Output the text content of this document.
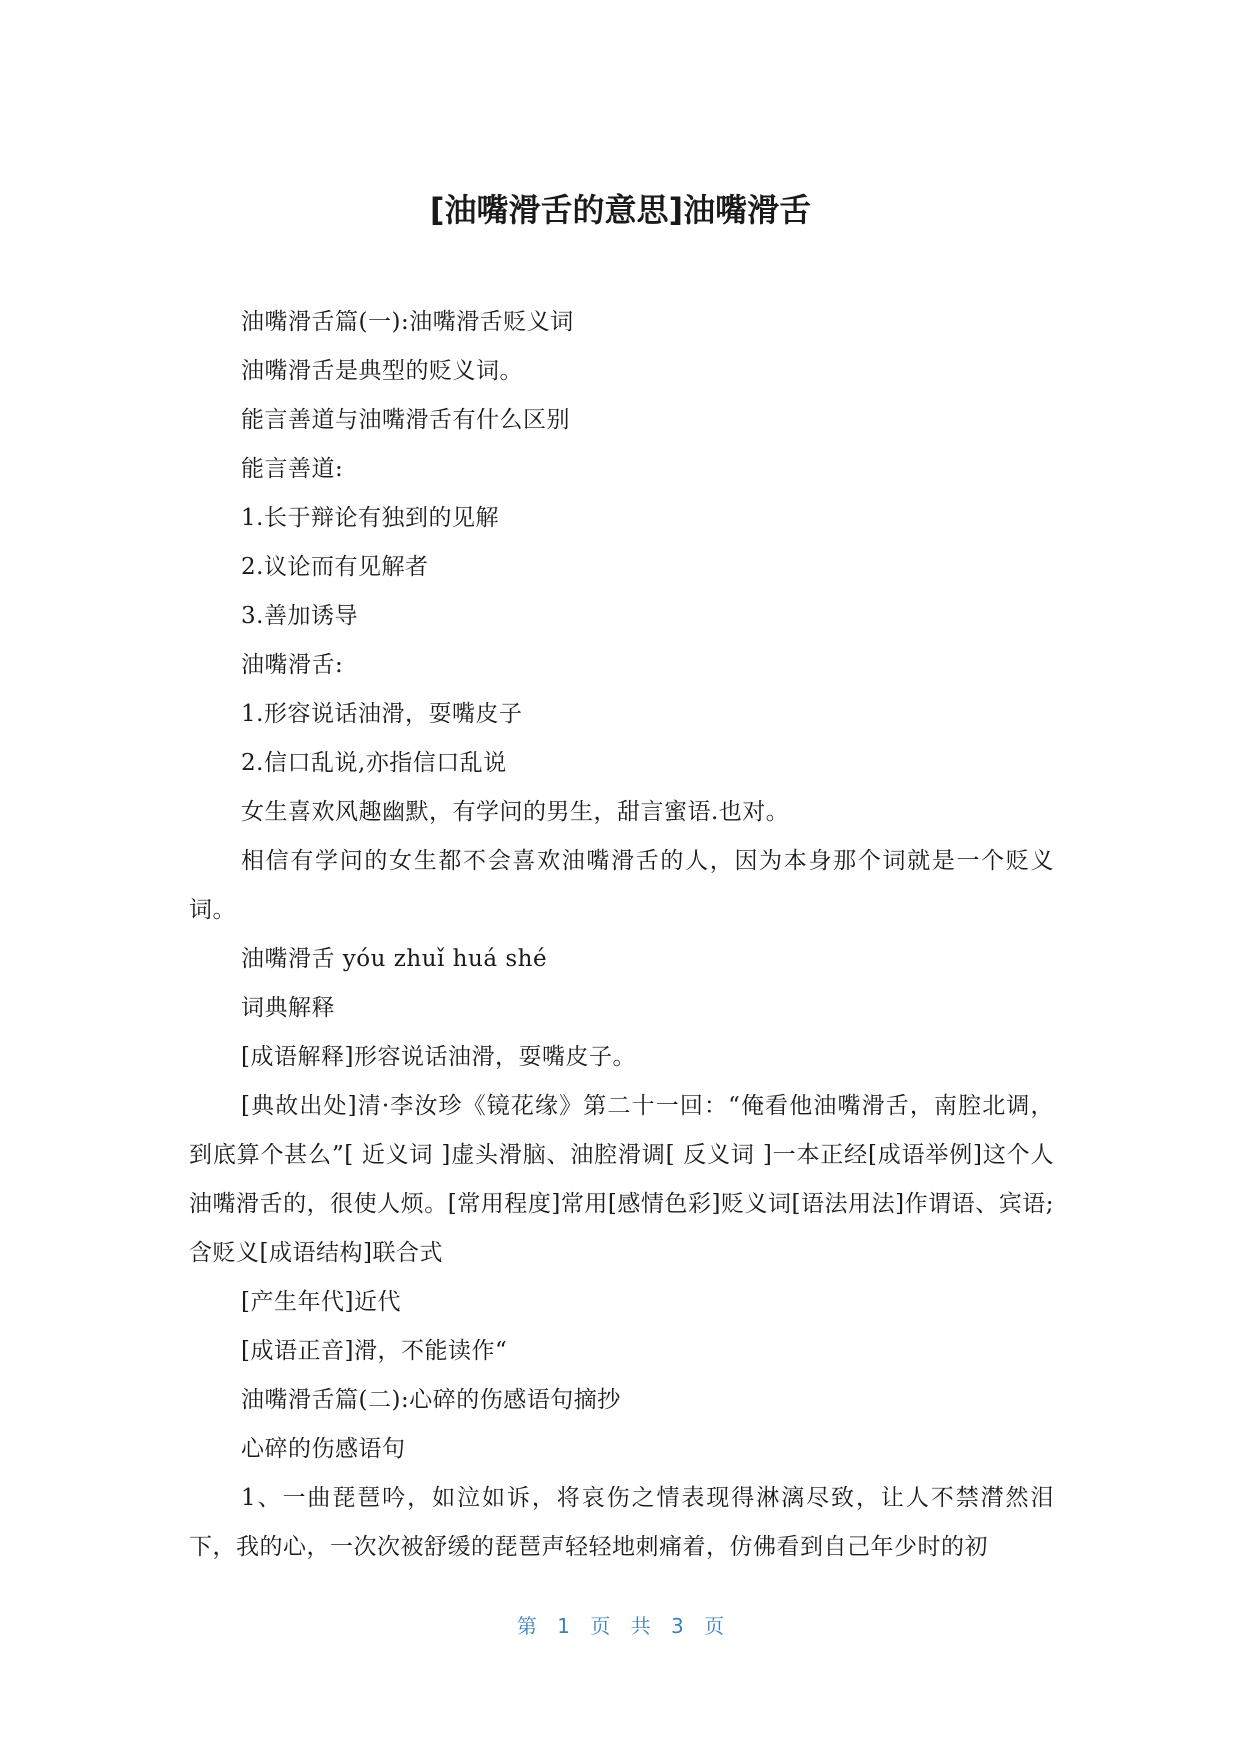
[油嘴滑舌的意思]油嘴滑舌

油嘴滑舌篇(一):油嘴滑舌贬义词

油嘴滑舌是典型的贬义词。

能言善道与油嘴滑舌有什么区别

能言善道:

1.长于辩论有独到的见解

2.议论而有见解者

3.善加诱导

油嘴滑舌:

1.形容说话油滑，耍嘴皮子

2.信口乱说,亦指信口乱说

女生喜欢风趣幽默，有学问的男生，甜言蜜语.也对。

相信有学问的女生都不会喜欢油嘴滑舌的人，因为本身那个词就是一个贬义词。

油嘴滑舌 yóu zhuǐ huá shé

词典解释

[成语解释]形容说话油滑，耍嘴皮子。

[典故出处]清·李汝珍《镜花缘》第二十一回：“俺看他油嘴滑舌，南腔北调，到底算个甚么”[ 近义词 ]虚头滑脑、油腔滑调[ 反义词 ]一本正经[成语举例]这个人油嘴滑舌的，很使人烦。[常用程度]常用[感情色彩]贬义词[语法用法]作谓语、宾语;含贬义[成语结构]联合式

[产生年代]近代

[成语正音]滑，不能读作“

油嘴滑舌篇(二):心碎的伤感语句摘抄

心碎的伤感语句

1、一曲琵琶吟，如泣如诉，将哀伤之情表现得淋漓尽致，让人不禁潸然泪下，我的心，一次次被舒缓的琵琶声轻轻地刺痛着，仿佛看到自己年少时的初

第 1 页 共 3 页
